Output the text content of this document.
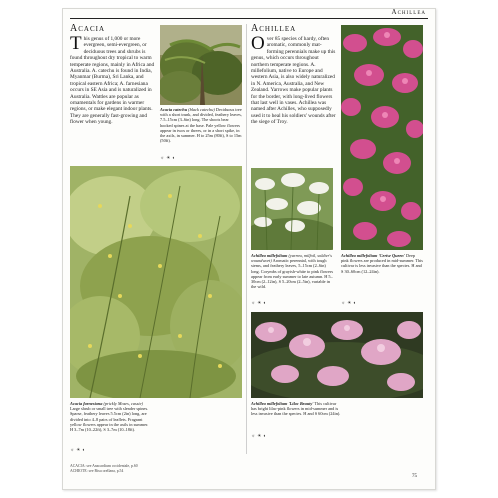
Achillea
Acacia
This genus of 1,000 or more evergreen, semi-evergreen, or deciduous trees and shrubs is found throughout dry tropical to warm temperate regions, mainly in Africa and Australia. A. catechu is found in India, Myanmar (Burma), Sri Lanka, and tropical eastern Africa; A. farnesiana occurs in SE Asia and is naturalized in Australia. Wattles are popular as ornamentals for gardens in warmer regions, or make elegant indoor plants. They are generally fast-growing and flower when young.
Acacia catechu (black catechu) Deciduous tree with a short trunk, and divided, feathery leaves, 7.5–15cm (3–6in) long. The shoots bear hooked spines at the base. Pale yellow flowers appear in twos or threes, or in a short spike, in the axils, in summer. H to 25m (80ft), S to 15m (50ft).
☼ ☀ ◐
Acacia farnesiana (prickly Moses, cassie) Large shrub or small tree with slender spines. Sparse, feathery leaves 5.5cm (2in) long, are divided into 4–8 pairs of leaflets. Fragrant yellow flowers appear in the axils in summer. H 3–7m (10–22ft), S 3–7m (10–18ft).
☼ ☀ ◐
Achillea
Over 85 species of hardy, often aromatic, commonly mat-forming perennials make up this genus, which occurs throughout northern temperate regions. A. millefolium, native to Europe and western Asia, is also widely naturalized in N. America, Australia, and New Zealand. Yarrows make popular plants for the border, with long-lived flowers that last well in vases. Achillea was named after Achilles, who supposedly used it to heal his soldiers' wounds after the siege of Troy.
Achillea millefolium 'Cerise Queen' Deep pink flowers are produced in mid-summer. This cultivar is less invasive than the species. H and S 30–60cm (12–24in).
☼ ☀ ◐
Achillea millefolium (yarrow, milfoil, soldier's woundwort) Aromatic perennial, with tough stems, and feathery leaves, 5–15cm (2–6in) long. Corymbs of grayish-white to pink flowers appear from early summer to late autumn. H 5–30cm (2–12in), S 5–20cm (2–5in), variable in the wild.
☼ ☀ ◐
Achillea millefolium 'Lilac Beauty' This cultivar has bright lilac-pink flowers in mid-summer and is less invasive than the species. H and S 60cm (24in).
☼ ☀ ◐
ACACIA: see Anacardium occidentale, p.60
ACHIOTE: see Bixa orellana, p.54
75
